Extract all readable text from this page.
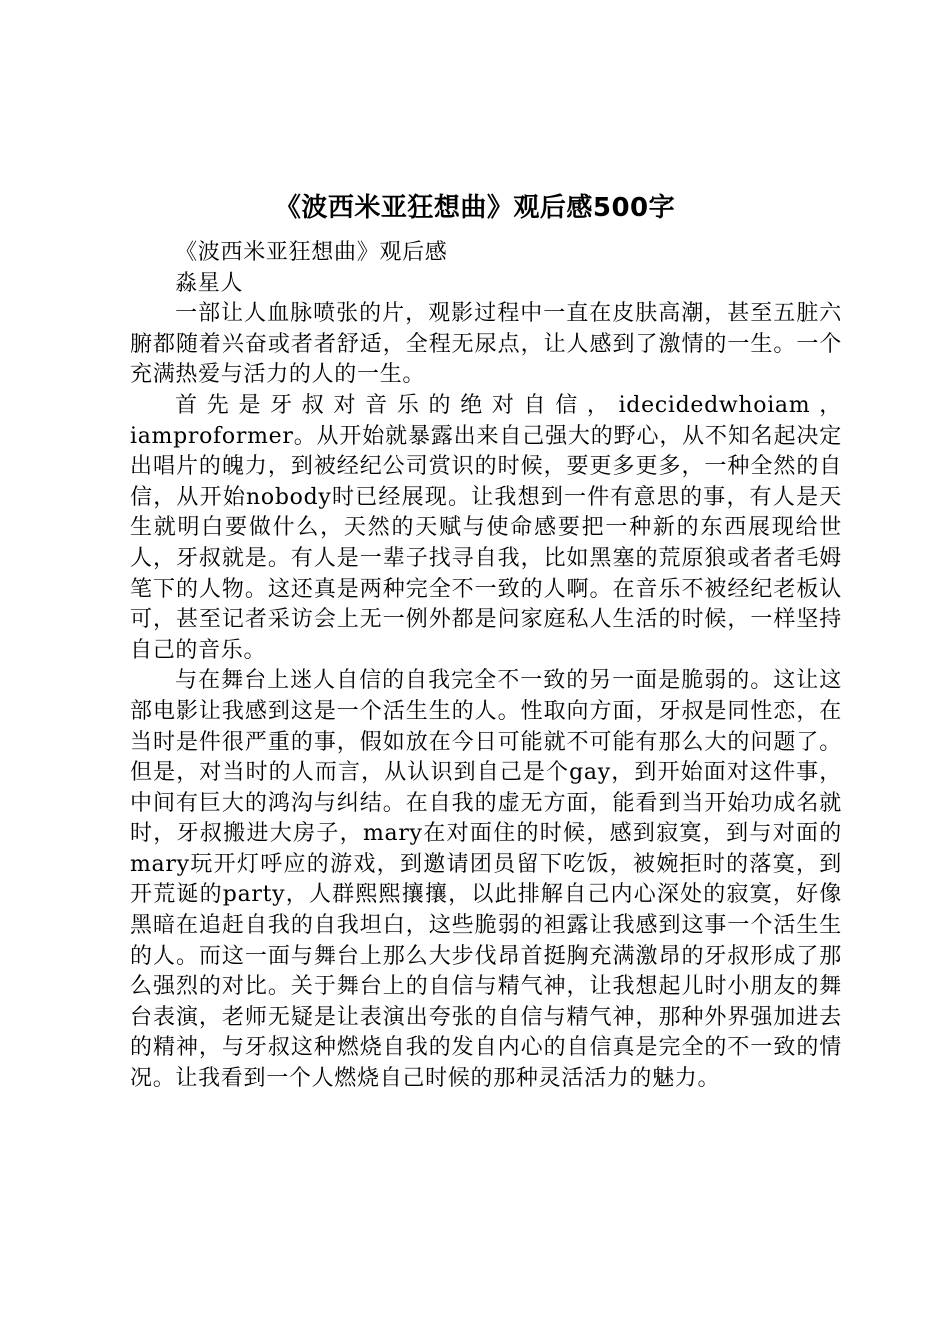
《波西米亚狂想曲》观后感500字

《波西米亚狂想曲》观后感

淼星人

一部让人血脉喷张的片，观影过程中一直在皮肤高潮，甚至五脏六腑都随着兴奋或者者舒适，全程无尿点，让人感到了激情的一生。一个充满热爱与活力的人的一生。

首先是牙叔对音乐的绝对自信，idecidedwhoiam，iamproformer。从开始就暴露出来自己强大的野心，从不知名起决定出唱片的魄力，到被经纪公司赏识的时候，要更多更多，一种全然的自信，从开始nobody时已经展现。让我想到一件有意思的事，有人是天生就明白要做什么，天然的天赋与使命感要把一种新的东西展现给世人，牙叔就是。有人是一辈子找寻自我，比如黑塞的荒原狼或者者毛姆笔下的人物。这还真是两种完全不一致的人啊。在音乐不被经纪老板认可，甚至记者采访会上无一例外都是问家庭私人生活的时候，一样坚持自己的音乐。

与在舞台上迷人自信的自我完全不一致的另一面是脆弱的。这让这部电影让我感到这是一个活生生的人。性取向方面，牙叔是同性恋，在当时是件很严重的事，假如放在今日可能就不可能有那么大的问题了。但是，对当时的人而言，从认识到自己是个gay，到开始面对这件事，中间有巨大的鸿沟与纠结。在自我的虚无方面，能看到当开始功成名就时，牙叔搬进大房子，mary在对面住的时候，感到寂寞，到与对面的mary玩开灯呼应的游戏，到邀请团员留下吃饭，被婉拒时的落寞，到开荒诞的party，人群熙熙攘攘，以此排解自己内心深处的寂寞，好像黑暗在追赶自我的自我坦白，这些脆弱的袒露让我感到这事一个活生生的人。而这一面与舞台上那么大步伐昂首挺胸充满激昂的牙叔形成了那么强烈的对比。关于舞台上的自信与精气神，让我想起儿时小朋友的舞台表演，老师无疑是让表演出夸张的自信与精气神，那种外界强加进去的精神，与牙叔这种燃烧自我的发自内心的自信真是完全的不一致的情况。让我看到一个人燃烧自己时候的那种灵活活力的魅力。
